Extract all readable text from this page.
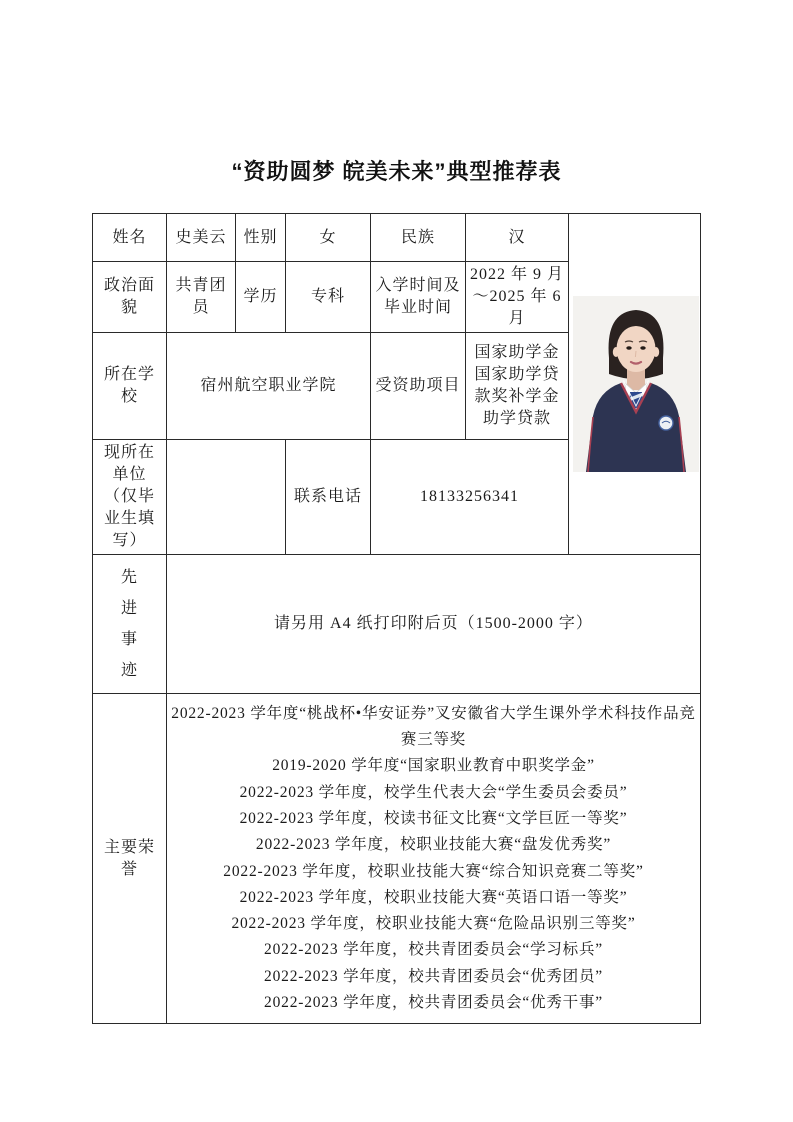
“资助圆梦 皖美未来”典型推荐表
姓名	史美云	性别	女	民族	汉	
政治面貌	共青团员	学历	专科	入学时间及毕业时间	2022 年 9 月～2025 年 6 月	
所在学校	宿州航空职业学院			受资助项目	国家助学金国家助学贷款奖补学金助学贷款	
现所在单位（仅毕业生填写）			联系电话	18133256341		
先进事迹	请另用 A4 纸打印附后页（1500-2000 字）					
主要荣誉	

2022-2023 学年度“桃战杯•华安证券”叉安徽省大学生课外学术科技作品竞赛三等奖

2019-2020 学年度“国家职业教育中职奖学金”

2022-2023 学年度，校学生代表大会“学生委员会委员”

2022-2023 学年度，校读书征文比赛“文学巨匠一等奖”

2022-2023 学年度，校职业技能大赛“盘发优秀奖”

2022-2023 学年度，校职业技能大赛“综合知识竞赛二等奖”

2022-2023 学年度，校职业技能大赛“英语口语一等奖”

2022-2023 学年度，校职业技能大赛“危险品识别三等奖”

2022-2023 学年度，校共青团委员会“学习标兵”

2022-2023 学年度，校共青团委员会“优秀团员”

2022-2023 学年度，校共青团委员会“优秀干事”
